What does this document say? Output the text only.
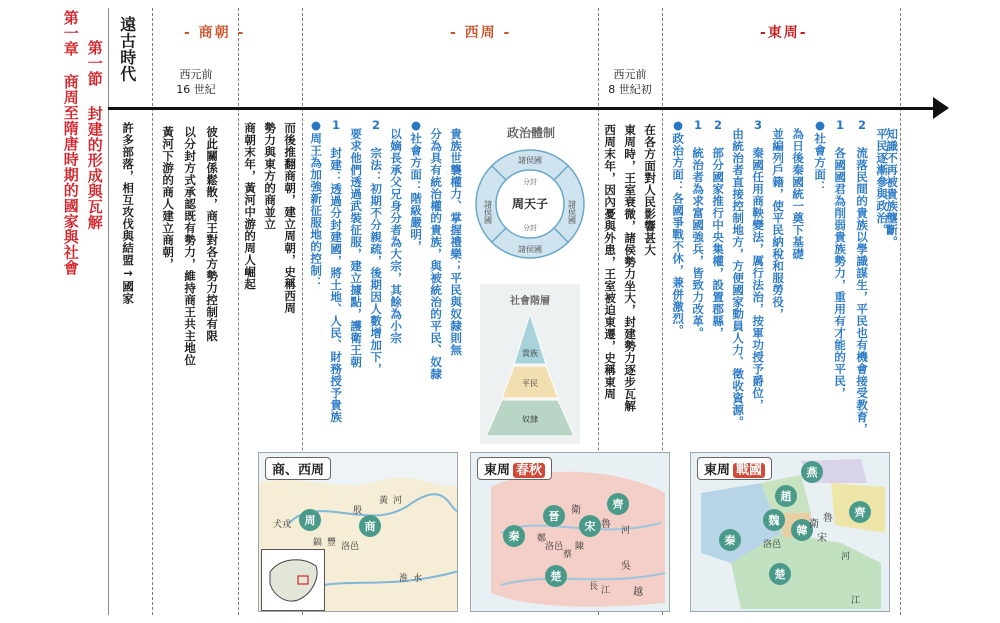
第一章
商周至隋唐時期的國家與社會
第一節
封建的形成與瓦解
遠古時代	- 商朝 -	- 西周 -	-東周-
西元前
16 世紀
西元前
8 世紀初
許多部落，相互攻伐與結盟→國家 黃河下游的商人建立商朝， 以分封方式承認既有勢力，維持商王共主地位 彼此關係鬆散，商王對各方勢力控制有限 商朝末年，黃河中游的周人崛起 勢力與東方的商並立 而後推翻商朝，建立周朝，史稱西周 ●周王為加強新征服地的控制： 1 封建：透過分封建國，將土地、人民、財務授予貴族 要求他們透過武裝征服，建立據點，護衛王朝 2 宗法：初期不分親疏，後期因人數增加下， 以嫡長承父兄身分者為大宗，其餘為小宗 ●社會方面：階級嚴明， 分為具有統治權的貴族，與被統治的平民、奴隸 貴族世襲權力、掌握禮樂；平民與奴隸則無	政治體制
周天子
諸侯國
諸侯國
諸侯國	諸侯國
分封
分封
社會階層
貴族
平民
奴隸
西周末年，因內憂與外患，王室被迫東遷，史稱東周 東周時，王室衰微，諸侯勢力坐大，封建勢力逐步瓦解 在各方面對人民影響甚大 ●政治方面：各國爭戰不休，兼併激烈。 1 統治者為求富國強兵，皆致力改革。 2 部分國家推行中央集權，設置郡縣， 由統治者直接控制地方，方便國家動員人力、徵收資源。 3 秦國任用商鞅變法，厲行法治，按軍功授予爵位， 並編列戶籍，使平民納稅和服勞役， 為日後秦國統一奠下基礎 ●社會方面： 1 各國國君為削弱貴族勢力，重用有才能的平民， 2 流落民間的貴族以學識謀生，平民也有機會接受教育， 平民逐漸參與政治。
知識不再被貴族壟斷。
周	商
犬戎
殷
鎬 豐 洛邑
黃 河
淮 水
商、西周
齊
晉	衛
宋
楚
秦
魯
吳
越
鄭
陳
蔡
洛邑
長 江
河
東周 春秋	燕
趙
魏
齊
秦
韓
宋
楚
魯
衛
洛邑
河
江
東周 戰國
